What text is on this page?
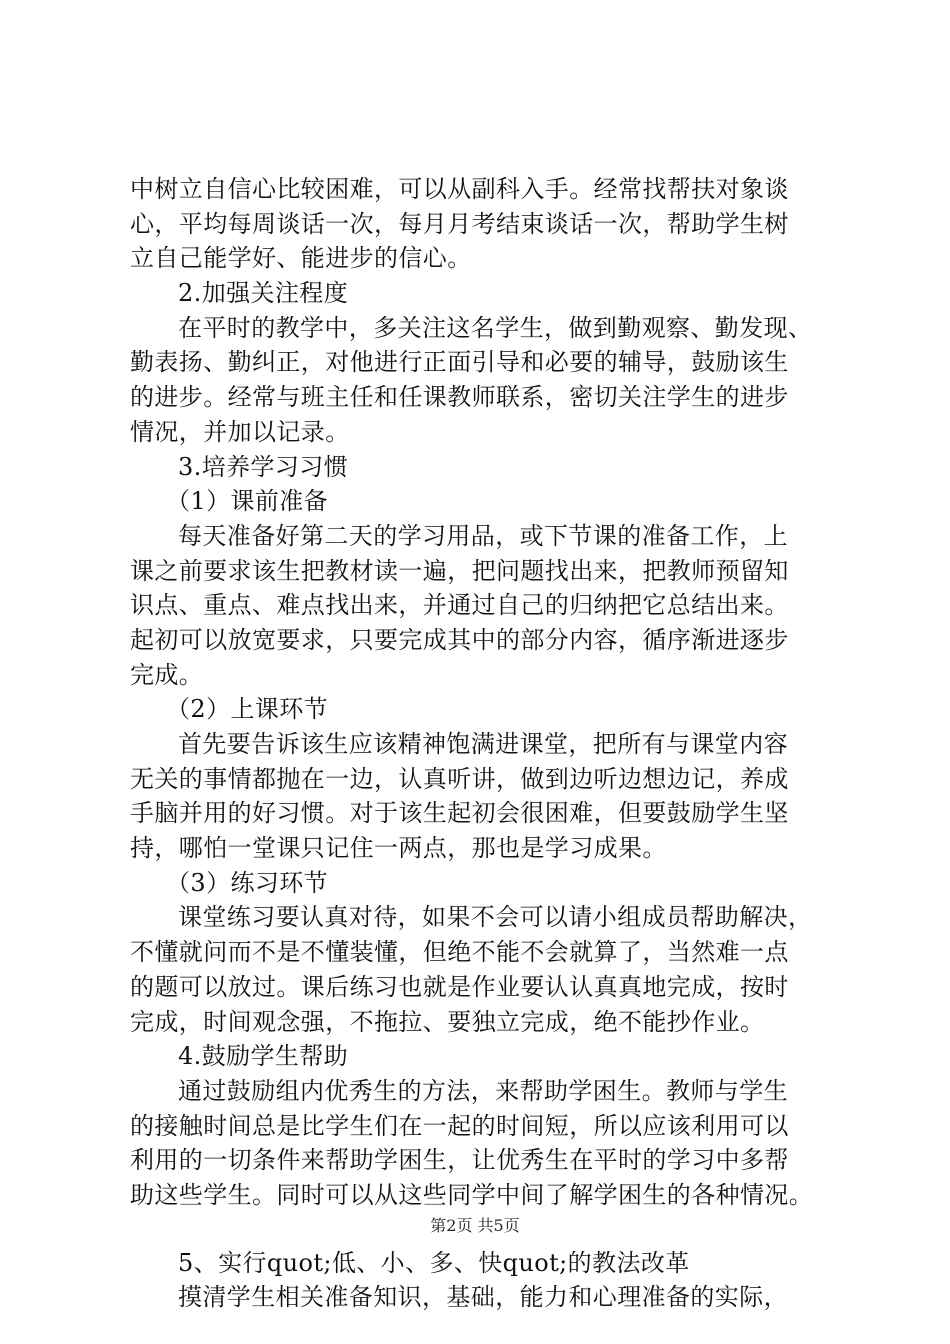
中树立自信心比较困难，可以从副科入手。经常找帮扶对象谈
心，平均每周谈话一次，每月月考结束谈话一次，帮助学生树
立自己能学好、能进步的信心。
2.加强关注程度
在平时的教学中，多关注这名学生，做到勤观察、勤发现、
勤表扬、勤纠正，对他进行正面引导和必要的辅导，鼓励该生
的进步。经常与班主任和任课教师联系，密切关注学生的进步
情况，并加以记录。
3.培养学习习惯
（1）课前准备
每天准备好第二天的学习用品，或下节课的准备工作，上
课之前要求该生把教材读一遍，把问题找出来，把教师预留知
识点、重点、难点找出来，并通过自己的归纳把它总结出来。
起初可以放宽要求，只要完成其中的部分内容，循序渐进逐步
完成。
（2）上课环节
首先要告诉该生应该精神饱满进课堂，把所有与课堂内容
无关的事情都抛在一边，认真听讲，做到边听边想边记，养成
手脑并用的好习惯。对于该生起初会很困难，但要鼓励学生坚
持，哪怕一堂课只记住一两点，那也是学习成果。
（3）练习环节
课堂练习要认真对待，如果不会可以请小组成员帮助解决，
不懂就问而不是不懂装懂，但绝不能不会就算了，当然难一点
的题可以放过。课后练习也就是作业要认认真真地完成，按时
完成，时间观念强，不拖拉、要独立完成，绝不能抄作业。
4.鼓励学生帮助
通过鼓励组内优秀生的方法，来帮助学困生。教师与学生
的接触时间总是比学生们在一起的时间短，所以应该利用可以
利用的一切条件来帮助学困生，让优秀生在平时的学习中多帮
助这些学生。同时可以从这些同学中间了解学困生的各种情况。
5、实行quot;低、小、多、快quot;的教法改革
摸清学生相关准备知识，基础，能力和心理准备的实际，
第2页 共5页
